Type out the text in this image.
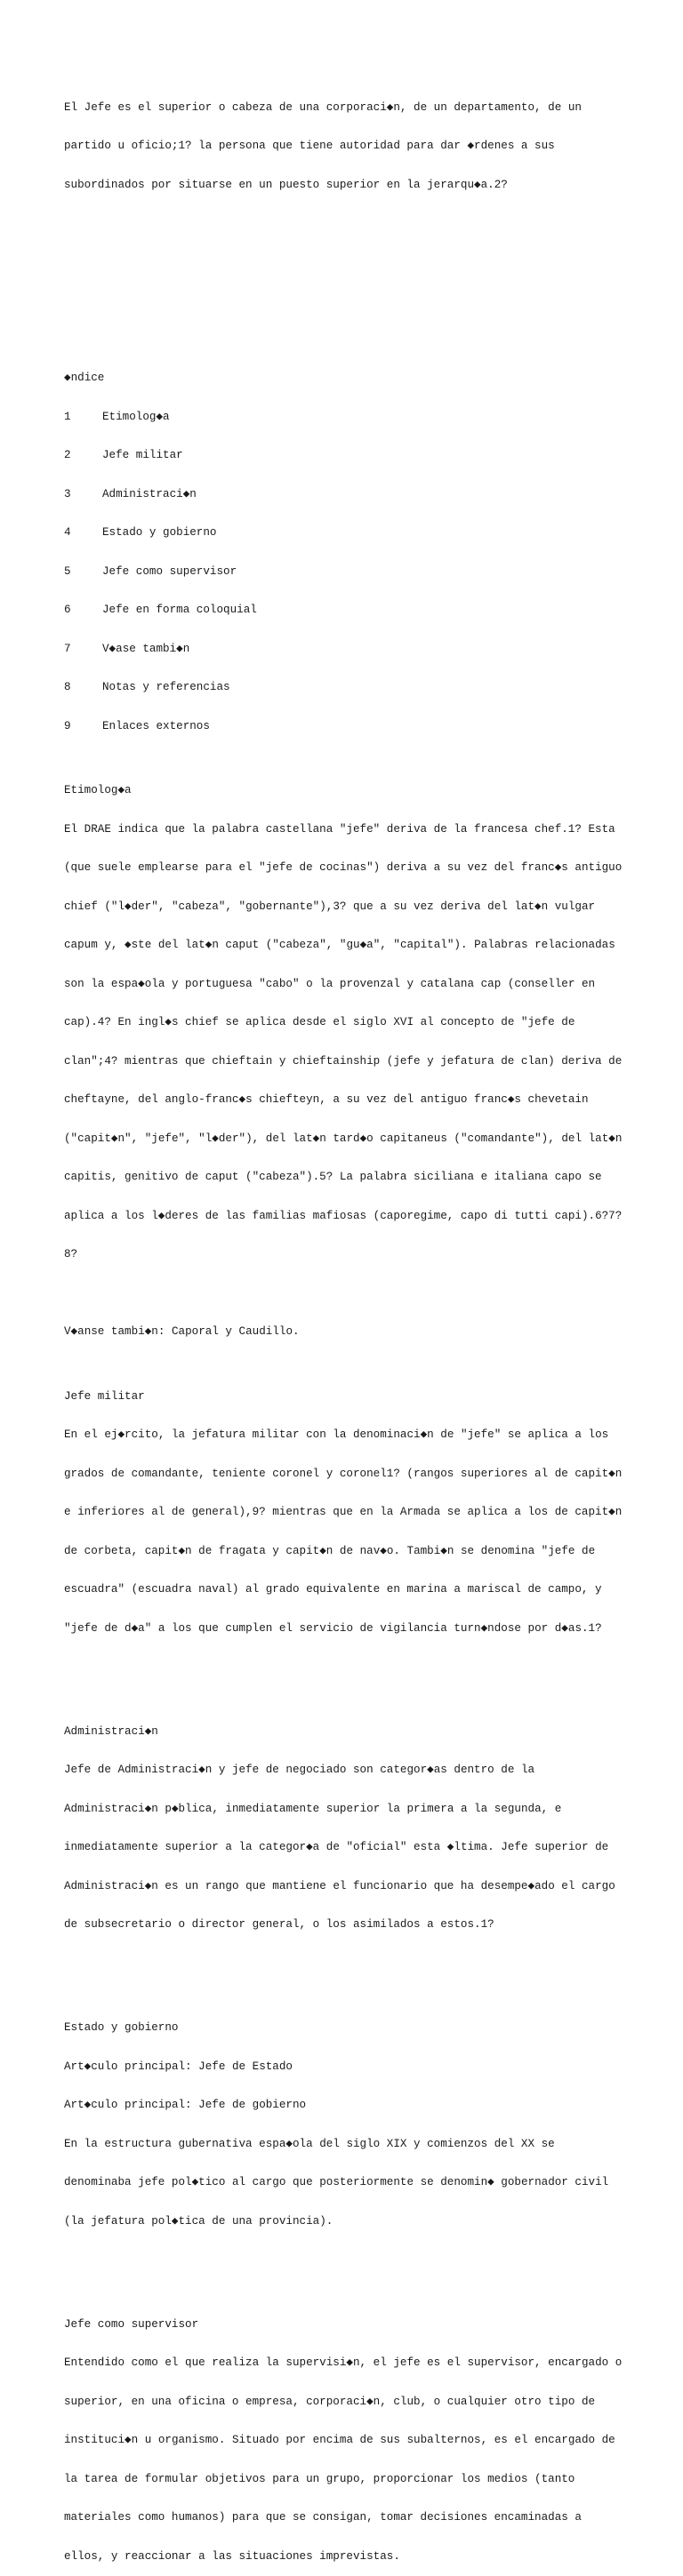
El Jefe es el superior o cabeza de una corporaci◆n, de un departamento, de un

partido u oficio;1? la persona que tiene autoridad para dar ◆rdenes a sus

subordinados por situarse en un puesto superior en la jerarqu◆a.2?

◆ndice

1	Etimolog◆a

2	Jefe militar

3	Administraci◆n

4	Estado y gobierno

5	Jefe como supervisor

6	Jefe en forma coloquial

7	V◆ase tambi◆n

8	Notas y referencias

9	Enlaces externos

Etimolog◆a

El DRAE indica que la palabra castellana "jefe" deriva de la francesa chef.1? Esta

(que suele emplearse para el "jefe de cocinas") deriva a su vez del franc◆s antiguo

chief ("l◆der", "cabeza", "gobernante"),3? que a su vez deriva del lat◆n vulgar

capum y, ◆ste del lat◆n caput ("cabeza", "gu◆a", "capital"). Palabras relacionadas

son la espa◆ola y portuguesa "cabo" o la provenzal y catalana cap (conseller en

cap).4? En ingl◆s chief se aplica desde el siglo XVI al concepto de "jefe de

clan";4? mientras que chieftain y chieftainship (jefe y jefatura de clan) deriva de

cheftayne, del anglo-franc◆s chiefteyn, a su vez del antiguo franc◆s chevetain

("capit◆n", "jefe", "l◆der"), del lat◆n tard◆o capitaneus ("comandante"), del lat◆n

capitis, genitivo de caput ("cabeza").5? La palabra siciliana e italiana capo se

aplica a los l◆deres de las familias mafiosas (caporegime, capo di tutti capi).6?7?

8?

V◆anse tambi◆n: Caporal y Caudillo.

Jefe militar

En el ej◆rcito, la jefatura militar con la denominaci◆n de "jefe" se aplica a los

grados de comandante, teniente coronel y coronel1? (rangos superiores al de capit◆n

e inferiores al de general),9? mientras que en la Armada se aplica a los de capit◆n

de corbeta, capit◆n de fragata y capit◆n de nav◆o. Tambi◆n se denomina "jefe de

escuadra" (escuadra naval) al grado equivalente en marina a mariscal de campo, y

"jefe de d◆a" a los que cumplen el servicio de vigilancia turn◆ndose por d◆as.1?

Administraci◆n

Jefe de Administraci◆n y jefe de negociado son categor◆as dentro de la

Administraci◆n p◆blica, inmediatamente superior la primera a la segunda, e

inmediatamente superior a la categor◆a de "oficial" esta ◆ltima. Jefe superior de

Administraci◆n es un rango que mantiene el funcionario que ha desempe◆ado el cargo

de subsecretario o director general, o los asimilados a estos.1?

Estado y gobierno

Art◆culo principal: Jefe de Estado

Art◆culo principal: Jefe de gobierno

En la estructura gubernativa espa◆ola del siglo XIX y comienzos del XX se

denominaba jefe pol◆tico al cargo que posteriormente se denomin◆ gobernador civil

(la jefatura pol◆tica de una provincia).

Jefe como supervisor

Entendido como el que realiza la supervisi◆n, el jefe es el supervisor, encargado o

superior, en una oficina o empresa, corporaci◆n, club, o cualquier otro tipo de

instituci◆n u organismo. Situado por encima de sus subalternos, es el encargado de

la tarea de formular objetivos para un grupo, proporcionar los medios (tanto

materiales como humanos) para que se consigan, tomar decisiones encaminadas a

ellos, y reaccionar a las situaciones imprevistas.
